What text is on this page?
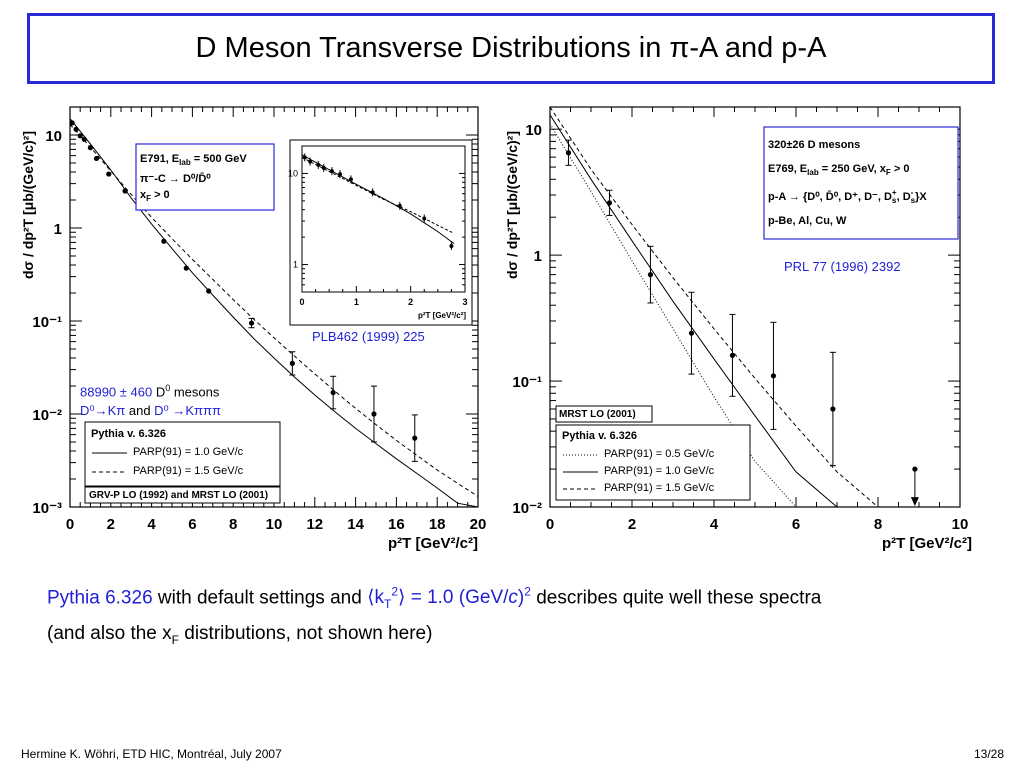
D Meson Transverse Distributions in π-A and p-A
0 2 4 6 8 10 12 14 16 18 20
10
1
10⁻¹
10⁻²
10⁻³
p²T [GeV²/c²]
dσ / dp²T [μb/(GeV/c)²]
0	1	2	3
10
1
p²T [GeV²/c²]
0	2	4	6	8	10
10
1
10⁻¹
10⁻²
p²T [GeV²/c²]
dσ / dp²T [μb/(GeV/c)²]
E791, $E_{lab} = 500$ GeV
π⁻-C → D⁰/D̄⁰
$x_F > 0$
88990 ± 460 $D^0$ mesons
D⁰→Kπ and D⁰ →Kπππ
Pythia v. 6.326
PARP(91) = 1.0 GeV/c
PARP(91) = 1.5 GeV/c
GRV-P LO (1992) and MRST LO (2001)
PLB462 (1999) 225
320±26 D mesons
E769, $E_{lab} = 250$ GeV, $x_F > 0$
p-A → {D⁰, D̄⁰, D⁺, D⁻, D +
s , D -
s }X
p-Be, Al, Cu, W
PRL 77 (1996) 2392
MRST LO (2001)
Pythia v. 6.326
PARP(91) = 0.5 GeV/c
PARP(91) = 1.0 GeV/c
PARP(91) = 1.5 GeV/c
Pythia 6.326 with default settings and $⟨k_T^2⟩ = 1.0$ $(GeV/c)^2$ describes quite well these spectra
(and also the $x_F$ distributions, not shown here)
Hermine K. Wöhri, ETD HIC, Montréal, July 2007	13/28
